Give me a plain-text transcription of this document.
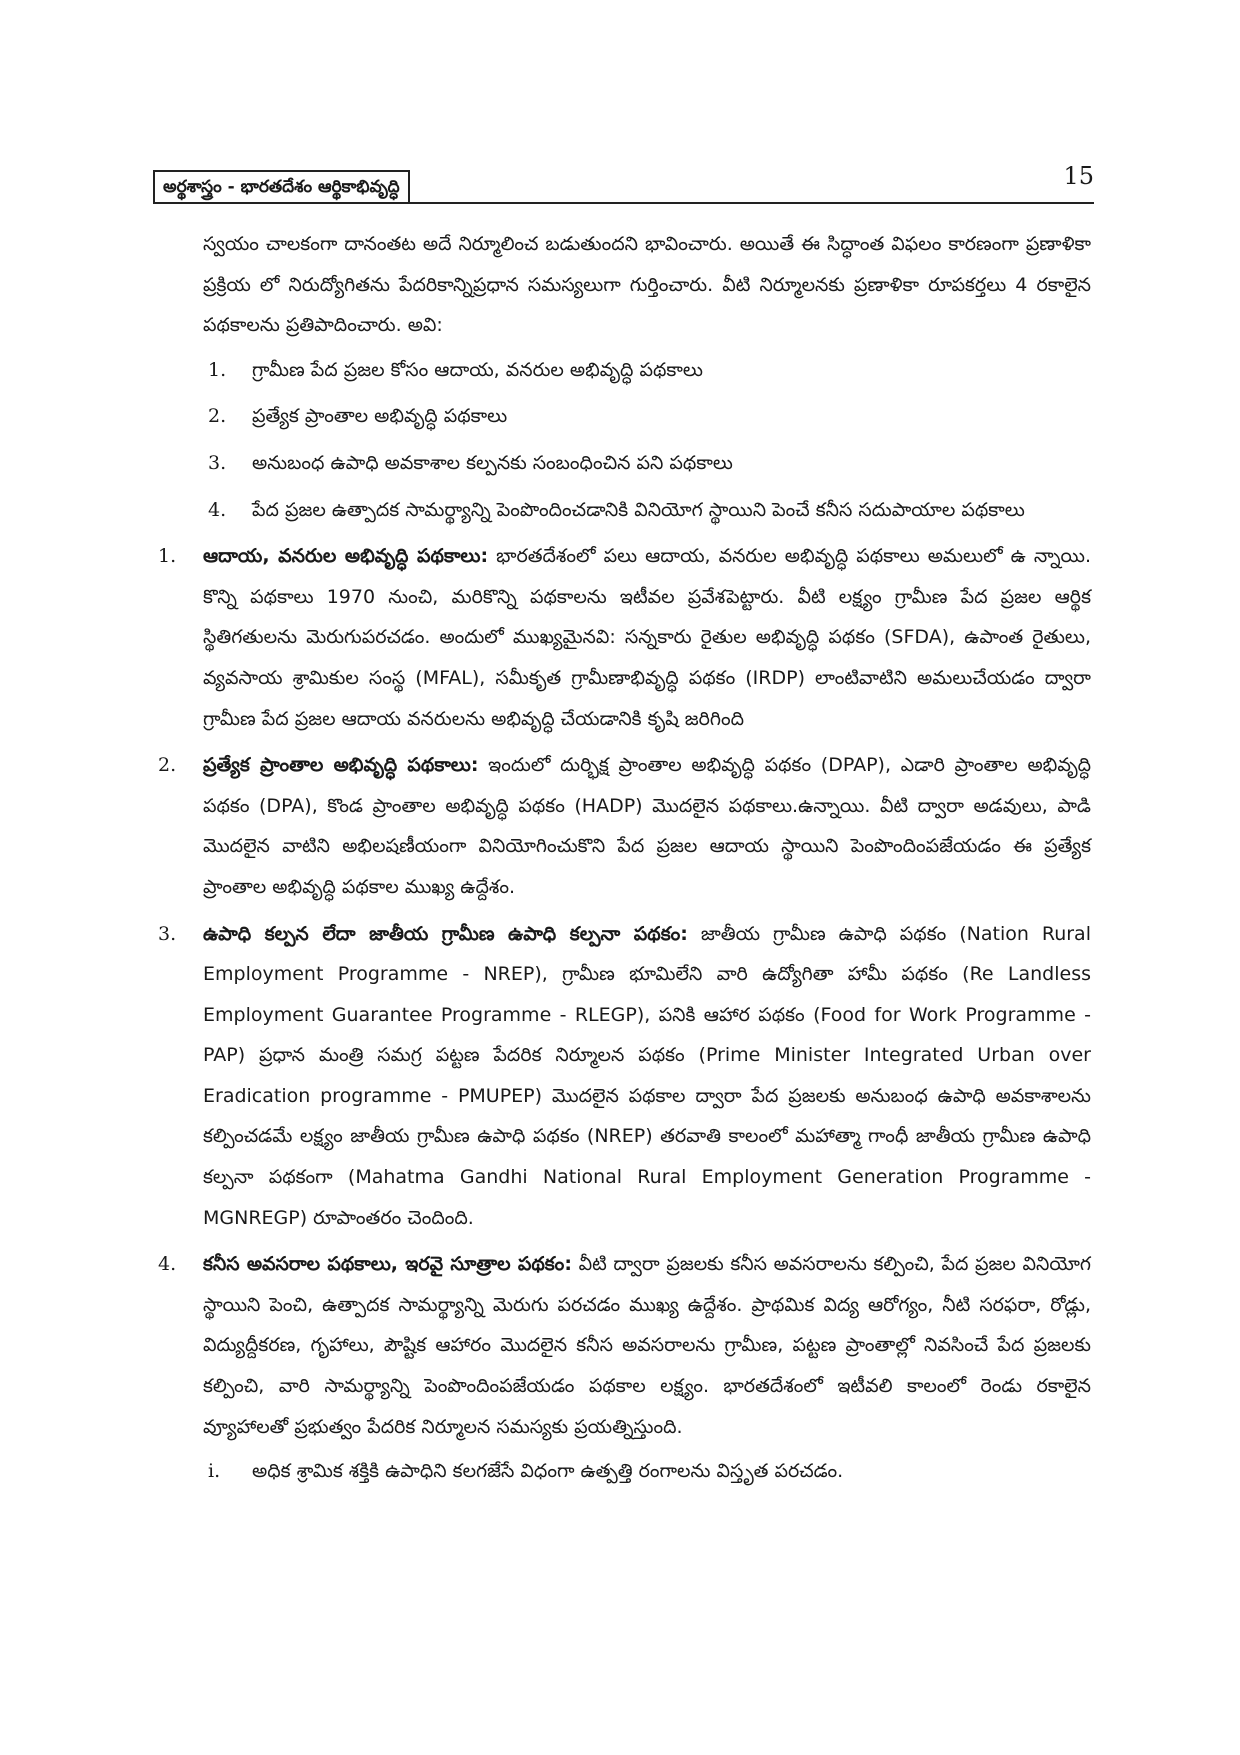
అర్థశాస్త్రం - భారతదేశం ఆర్థికాభివృద్ధి	15

స్వయం చాలకంగా దానంతట అదే నిర్మూలించ బడుతుందని భావించారు. అయితే ఈ సిద్ధాంత విఫలం కారణంగా ప్రణాళికా ప్రక్రియ లో నిరుద్యోగితను పేదరికాన్నిప్రధాన సమస్యలుగా గుర్తించారు. వీటి నిర్మూలనకు ప్రణాళికా రూపకర్తలు 4 రకాలైన పథకాలను ప్రతిపాదించారు. అవి:

1.	గ్రామీణ పేద ప్రజల కోసం ఆదాయ, వనరుల అభివృద్ధి పథకాలు
2.	ప్రత్యేక ప్రాంతాల అభివృద్ధి పథకాలు
3.	అనుబంధ ఉపాధి అవకాశాల కల్పనకు సంబంధించిన పని పథకాలు
4.	పేద ప్రజల ఉత్పాదక సామర్థ్యాన్ని పెంపొందించడానికి వినియోగ స్థాయిని పెంచే కనీస సదుపాయాల పథకాలు
1.	ఆదాయ, వనరుల అభివృద్ధి పథకాలు: భారతదేశంలో పలు ఆదాయ, వనరుల అభివృద్ధి పథకాలు అమలులో ఉ న్నాయి. కొన్ని పథకాలు 1970 నుంచి, మరికొన్ని పథకాలను ఇటీవల ప్రవేశపెట్టారు. వీటి లక్ష్యం గ్రామీణ పేద ప్రజల ఆర్థిక స్థితిగతులను మెరుగుపరచడం. అందులో ముఖ్యమైనవి: సన్నకారు రైతుల అభివృద్ధి పథకం (SFDA), ఉపాంత రైతులు, వ్యవసాయ శ్రామికుల సంస్థ (MFAL), సమీకృత గ్రామీణాభివృద్ధి పథకం (IRDP) లాంటివాటిని అమలుచేయడం ద్వారా గ్రామీణ పేద ప్రజల ఆదాయ వనరులను అభివృద్ధి చేయడానికి కృషి జరిగింది

2.	ప్రత్యేక ప్రాంతాల అభివృద్ధి పథకాలు: ఇందులో దుర్భిక్ష ప్రాంతాల అభివృద్ధి పథకం (DPAP), ఎడారి ప్రాంతాల అభివృద్ధి పథకం (DPA), కొండ ప్రాంతాల అభివృద్ధి పథకం (HADP) మొదలైన పథకాలు.ఉన్నాయి. వీటి ద్వారా అడవులు, పాడి మొదలైన వాటిని అభిలషణీయంగా వినియోగించుకొని పేద ప్రజల ఆదాయ స్థాయిని పెంపొందింపజేయడం ఈ ప్రత్యేక ప్రాంతాల అభివృద్ధి పథకాల ముఖ్య ఉద్దేశం.

3.	ఉపాధి కల్పన లేదా జాతీయ గ్రామీణ ఉపాధి కల్పనా పథకం: జాతీయ గ్రామీణ ఉపాధి పథకం (Nation Rural Employment Programme - NREP), గ్రామీణ భూమిలేని వారి ఉద్యోగితా హామీ పథకం (Re Landless Employment Guarantee Programme - RLEGP), పనికి ఆహార పథకం (Food for Work Programme - PAP) ప్రధాన మంత్రి సమగ్ర పట్టణ పేదరిక నిర్మూలన పథకం (Prime Minister Integrated Urban over Eradication programme - PMUPEP) మొదలైన పథకాల ద్వారా పేద ప్రజలకు అనుబంధ ఉపాధి అవకాశాలను కల్పించడమే లక్ష్యం జాతీయ గ్రామీణ ఉపాధి పథకం (NREP) తరవాతి కాలంలో మహాత్మా గాంధీ జాతీయ గ్రామీణ ఉపాధి కల్పనా పథకంగా (Mahatma Gandhi National Rural Employment Generation Programme -MGNREGP) రూపాంతరం చెందింది.

4.	కనీస అవసరాల పథకాలు, ఇరవై సూత్రాల పథకం: వీటి ద్వారా ప్రజలకు కనీస అవసరాలను కల్పించి, పేద ప్రజల వినియోగ స్థాయిని పెంచి, ఉత్పాదక సామర్థ్యాన్ని మెరుగు పరచడం ముఖ్య ఉద్దేశం. ప్రాథమిక విద్య ఆరోగ్యం, నీటి సరఫరా, రోడ్లు, విద్యుద్దీకరణ, గృహాలు, పౌష్టిక ఆహారం మొదలైన కనీస అవసరాలను గ్రామీణ, పట్టణ ప్రాంతాల్లో నివసించే పేద ప్రజలకు కల్పించి, వారి సామర్థ్యాన్ని పెంపొందింపజేయడం పథకాల లక్ష్యం. భారతదేశంలో ఇటీవలి కాలంలో రెండు రకాలైన వ్యూహాలతో ప్రభుత్వం పేదరిక నిర్మూలన సమస్యకు ప్రయత్నిస్తుంది.

i.	అధిక శ్రామిక శక్తికి ఉపాధిని కలగజేసే విధంగా ఉత్పత్తి రంగాలను విస్తృత పరచడం.
